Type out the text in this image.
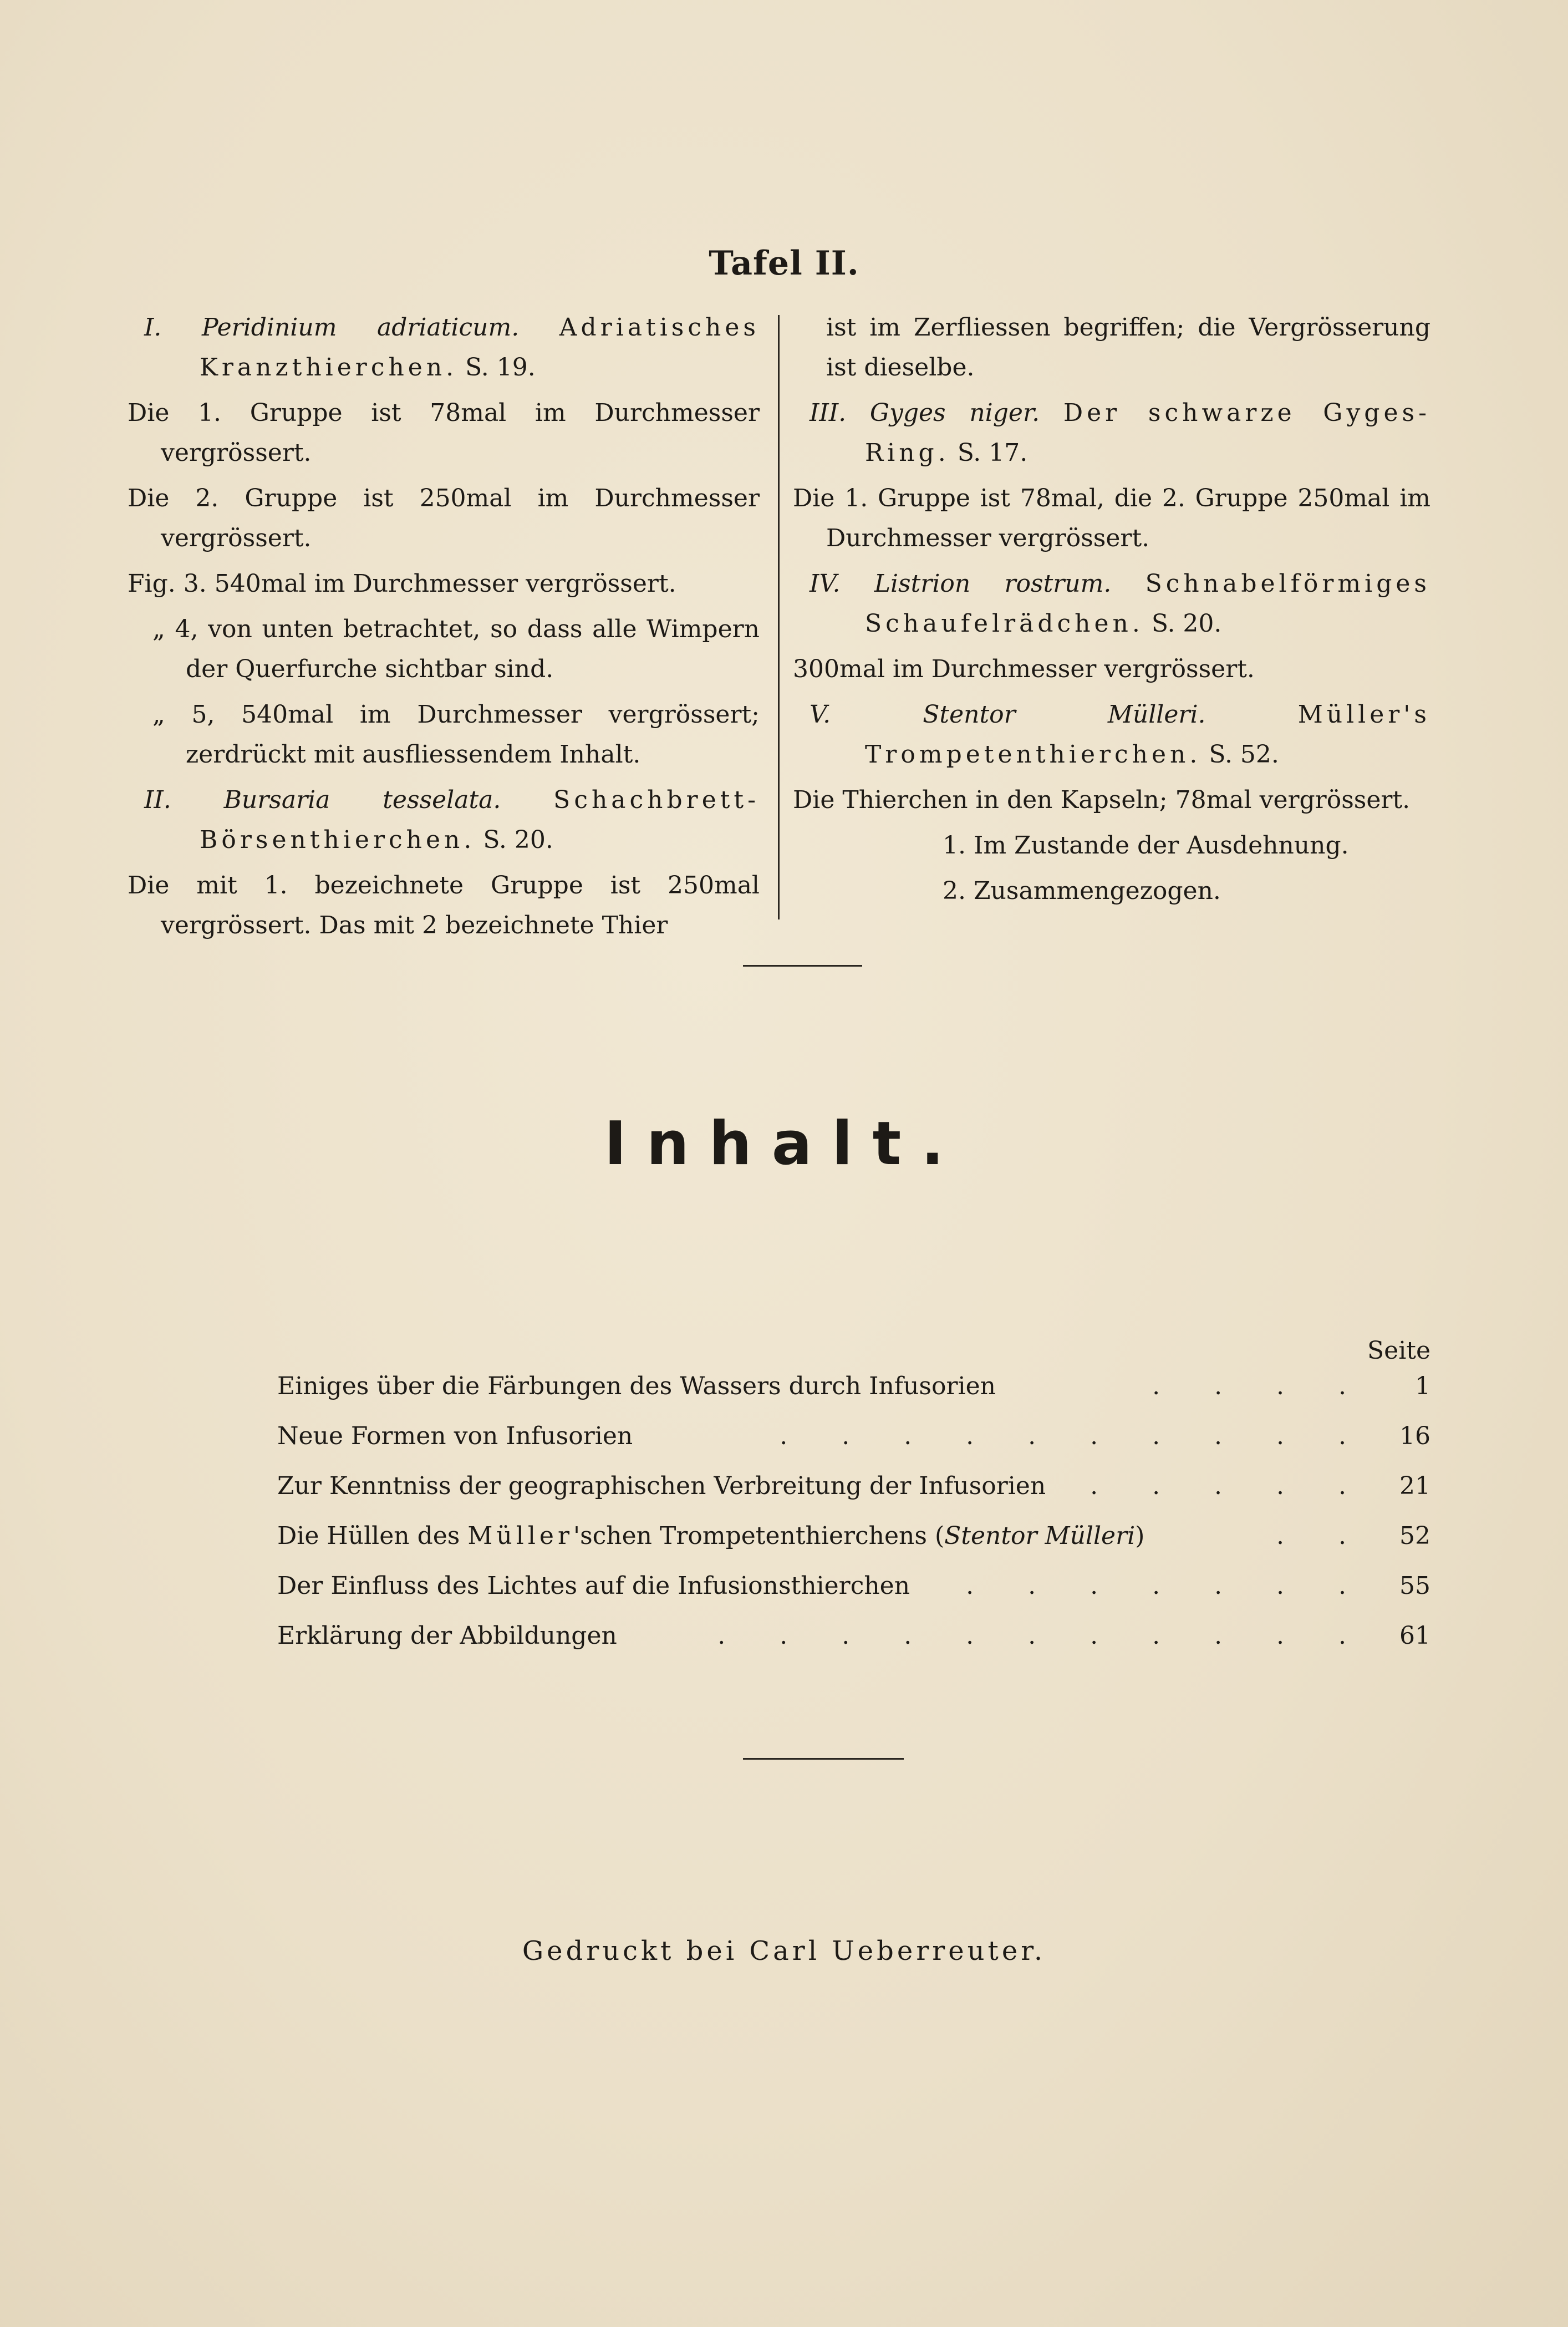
Tafel II.

I. Peridinium adriaticum. Adriatisches Kranzthierchen. S. 19.

Die 1. Gruppe ist 78mal im Durchmesser vergrössert.

Die 2. Gruppe ist 250mal im Durchmesser vergrössert.

Fig. 3. 540mal im Durchmesser vergrössert.

„ 4, von unten betrachtet, so dass alle Wimpern der Querfurche sichtbar sind.

„ 5, 540mal im Durchmesser vergrössert; zerdrückt mit ausfliessendem Inhalt.

II. Bursaria tesselata. Schachbrett-Börsenthierchen. S. 20.

Die mit 1. bezeichnete Gruppe ist 250mal vergrössert. Das mit 2 bezeichnete Thier

ist im Zerfliessen begriffen; die Vergrösserung ist dieselbe.

III. Gyges niger. Der schwarze Gyges-Ring. S. 17.

Die 1. Gruppe ist 78mal, die 2. Gruppe 250mal im Durchmesser vergrössert.

IV. Listrion rostrum. Schnabelförmiges Schaufelrädchen. S. 20.

300mal im Durchmesser vergrössert.

V.	Stentor Mülleri.	Müller's Trompetenthierchen. S. 52.

Die Thierchen in den Kapseln; 78mal vergrössert.

1. Im Zustande der Ausdehnung.

2. Zusammengezogen.

Inhalt.
Seite
Einiges über die Färbungen des Wassers durch Infusorien	. . . .	1
Neue Formen von Infusorien	. . . . . . . . . .	16
Zur Kenntniss der geographischen Verbreitung der Infusorien . . . . .	21
Die Hüllen des Müller'schen Trompetenthierchens (Stentor Mülleri)	. .	52
Der Einfluss des Lichtes auf die Infusionsthierchen . . . . . . .	55
Erklärung der Abbildungen	. . . . . . . . . . .	61
Gedruckt bei Carl Ueberreuter.
